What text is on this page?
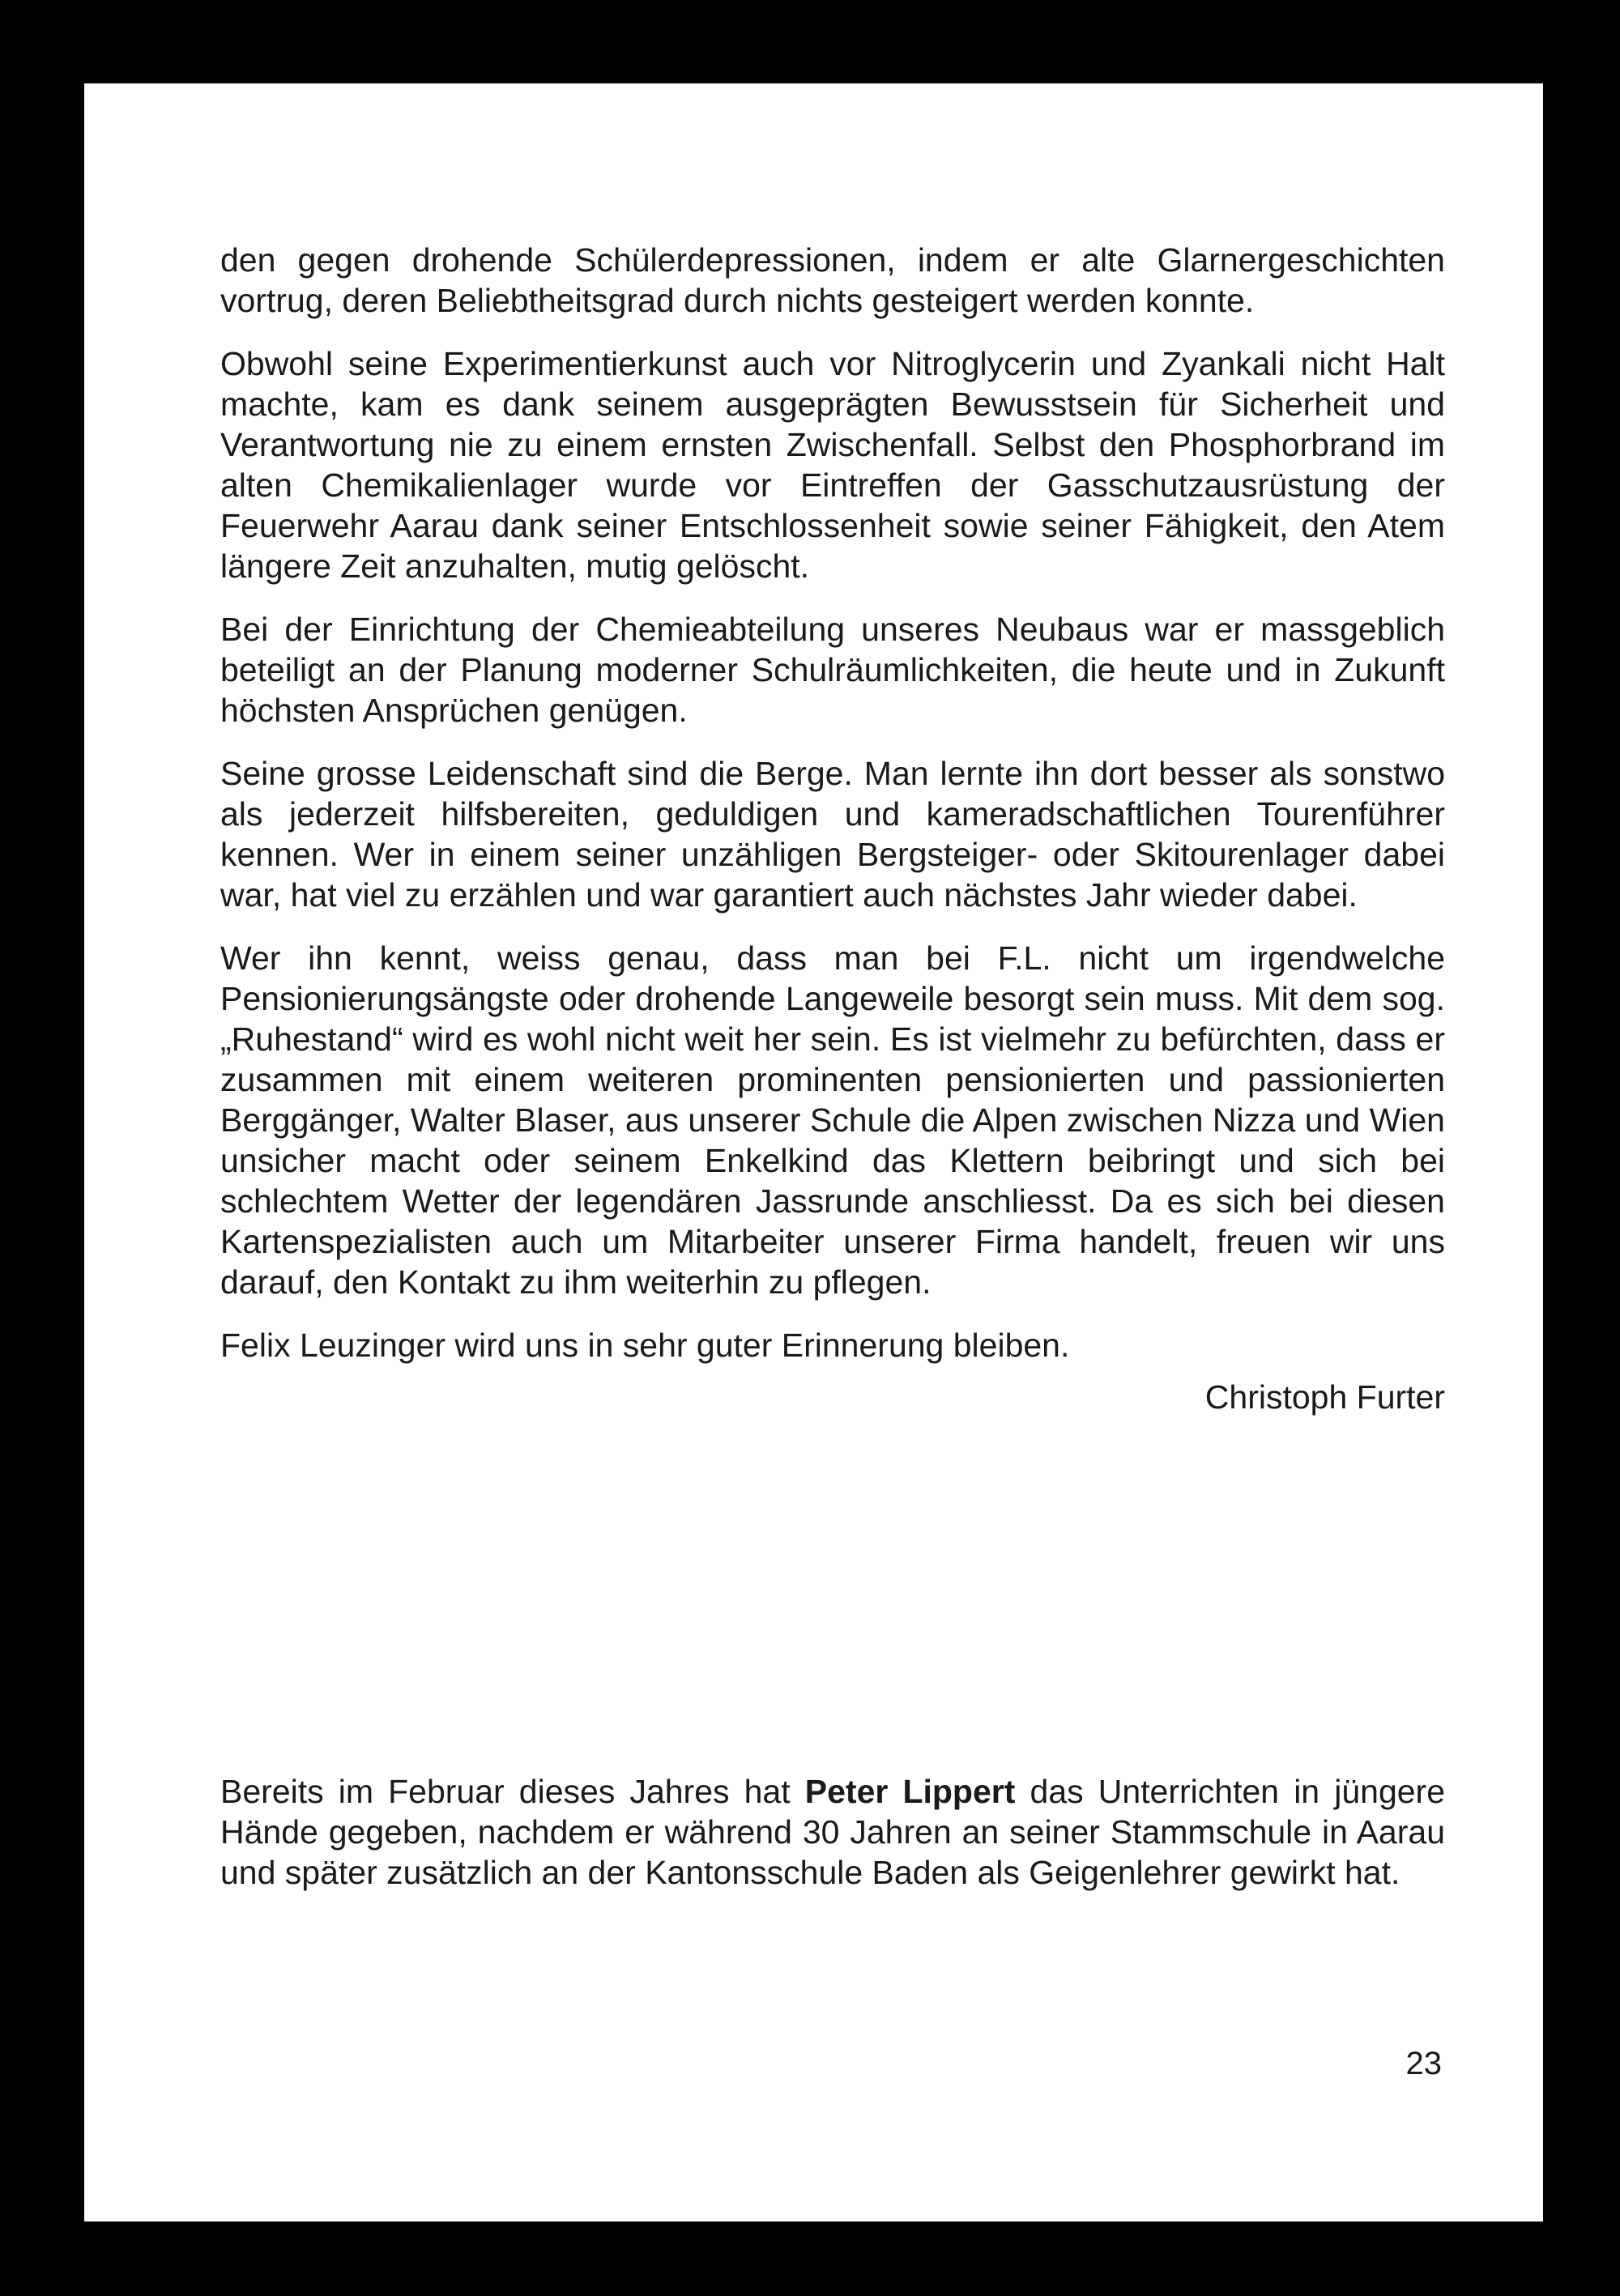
den gegen drohende Schülerdepressionen, indem er alte Glarnergeschichten vortrug, deren Beliebtheitsgrad durch nichts gesteigert werden konnte.

Obwohl seine Experimentierkunst auch vor Nitroglycerin und Zyankali nicht Halt machte, kam es dank seinem ausgeprägten Bewusstsein für Sicherheit und Verantwortung nie zu einem ernsten Zwischenfall. Selbst den Phosphorbrand im alten Chemikalienlager wurde vor Eintreffen der Gasschutzausrüstung der Feuerwehr Aarau dank seiner Entschlossenheit sowie seiner Fähigkeit, den Atem längere Zeit anzuhalten, mutig gelöscht.

Bei der Einrichtung der Chemieabteilung unseres Neubaus war er massgeblich beteiligt an der Planung moderner Schulräumlichkeiten, die heute und in Zukunft höchsten Ansprüchen genügen.

Seine grosse Leidenschaft sind die Berge. Man lernte ihn dort besser als sonstwo als jederzeit hilfsbereiten, geduldigen und kameradschaftlichen Tourenführer kennen. Wer in einem seiner unzähligen Bergsteiger- oder Skitourenlager dabei war, hat viel zu erzählen und war garantiert auch nächstes Jahr wieder dabei.

Wer ihn kennt, weiss genau, dass man bei F.L. nicht um irgendwelche Pensionierungsängste oder drohende Langeweile besorgt sein muss. Mit dem sog. „Ruhestand“ wird es wohl nicht weit her sein. Es ist vielmehr zu befürchten, dass er zusammen mit einem weiteren prominenten pensionierten und passionierten Berggänger, Walter Blaser, aus unserer Schule die Alpen zwischen Nizza und Wien unsicher macht oder seinem Enkelkind das Klettern beibringt und sich bei schlechtem Wetter der legendären Jassrunde anschliesst. Da es sich bei diesen Kartenspezialisten auch um Mitarbeiter unserer Firma handelt, freuen wir uns darauf, den Kontakt zu ihm weiterhin zu pflegen.

Felix Leuzinger wird uns in sehr guter Erinnerung bleiben.

Christoph Furter

Bereits im Februar dieses Jahres hat Peter Lippert das Unterrichten in jüngere Hände gegeben, nachdem er während 30 Jahren an seiner Stammschule in Aarau und später zusätzlich an der Kantonsschule Baden als Geigenlehrer gewirkt hat.

23
